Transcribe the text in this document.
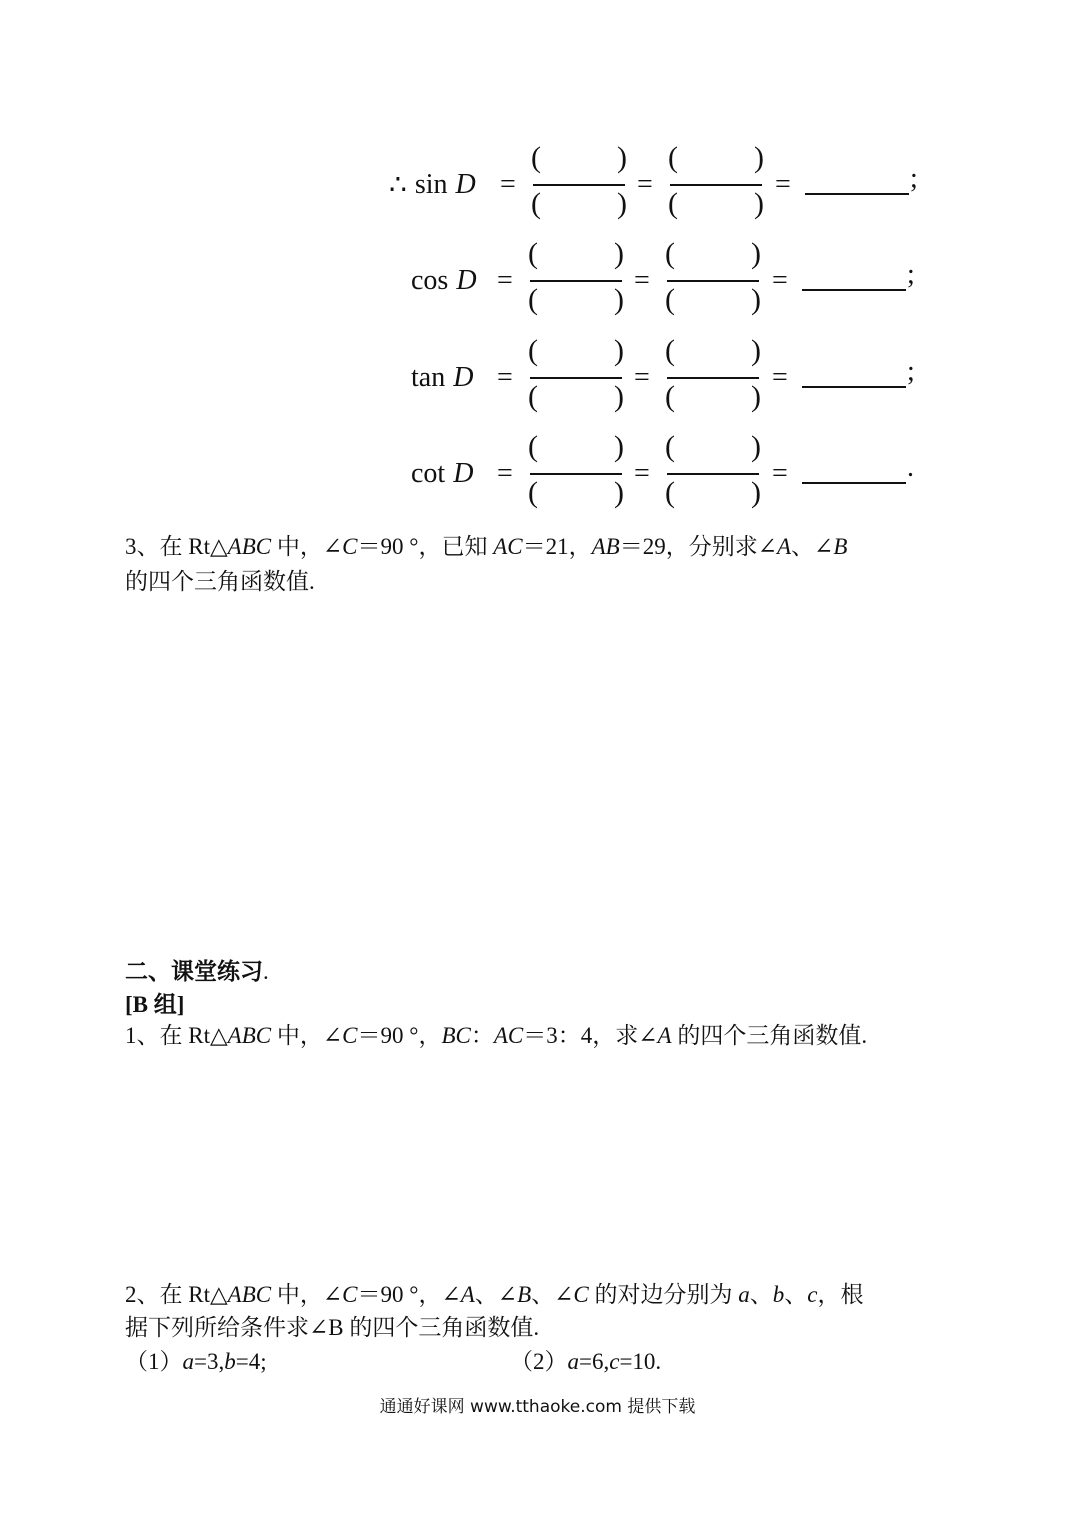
∴ sin D =
(	)
(	)
=
(	)
(	)
=	;
cos D =
(	)
(	)
=
(	)
(	)
=	;
tan D =
(	)
(	)
=
(	)
(	)
=	;
cot D =
(	)
(	)
=
(	)
(	)
=	.
3、在 Rt△ABC 中，∠C＝90 °，已知 AC＝21，AB＝29，分别求∠A、∠B
的四个三角函数值.
二、课堂练习.
[B 组]
1、在 Rt△ABC 中，∠C＝90 °，BC：AC＝3：4，求∠A 的四个三角函数值.
2、在 Rt△ABC 中，∠C＝90 °，∠A、∠B、∠C 的对边分别为 a、b、c，根
据下列所给条件求∠B 的四个三角函数值.
（1）a=3,b=4;	（2）a=6,c=10.
通通好课网 www.tthaoke.com 提供下载
